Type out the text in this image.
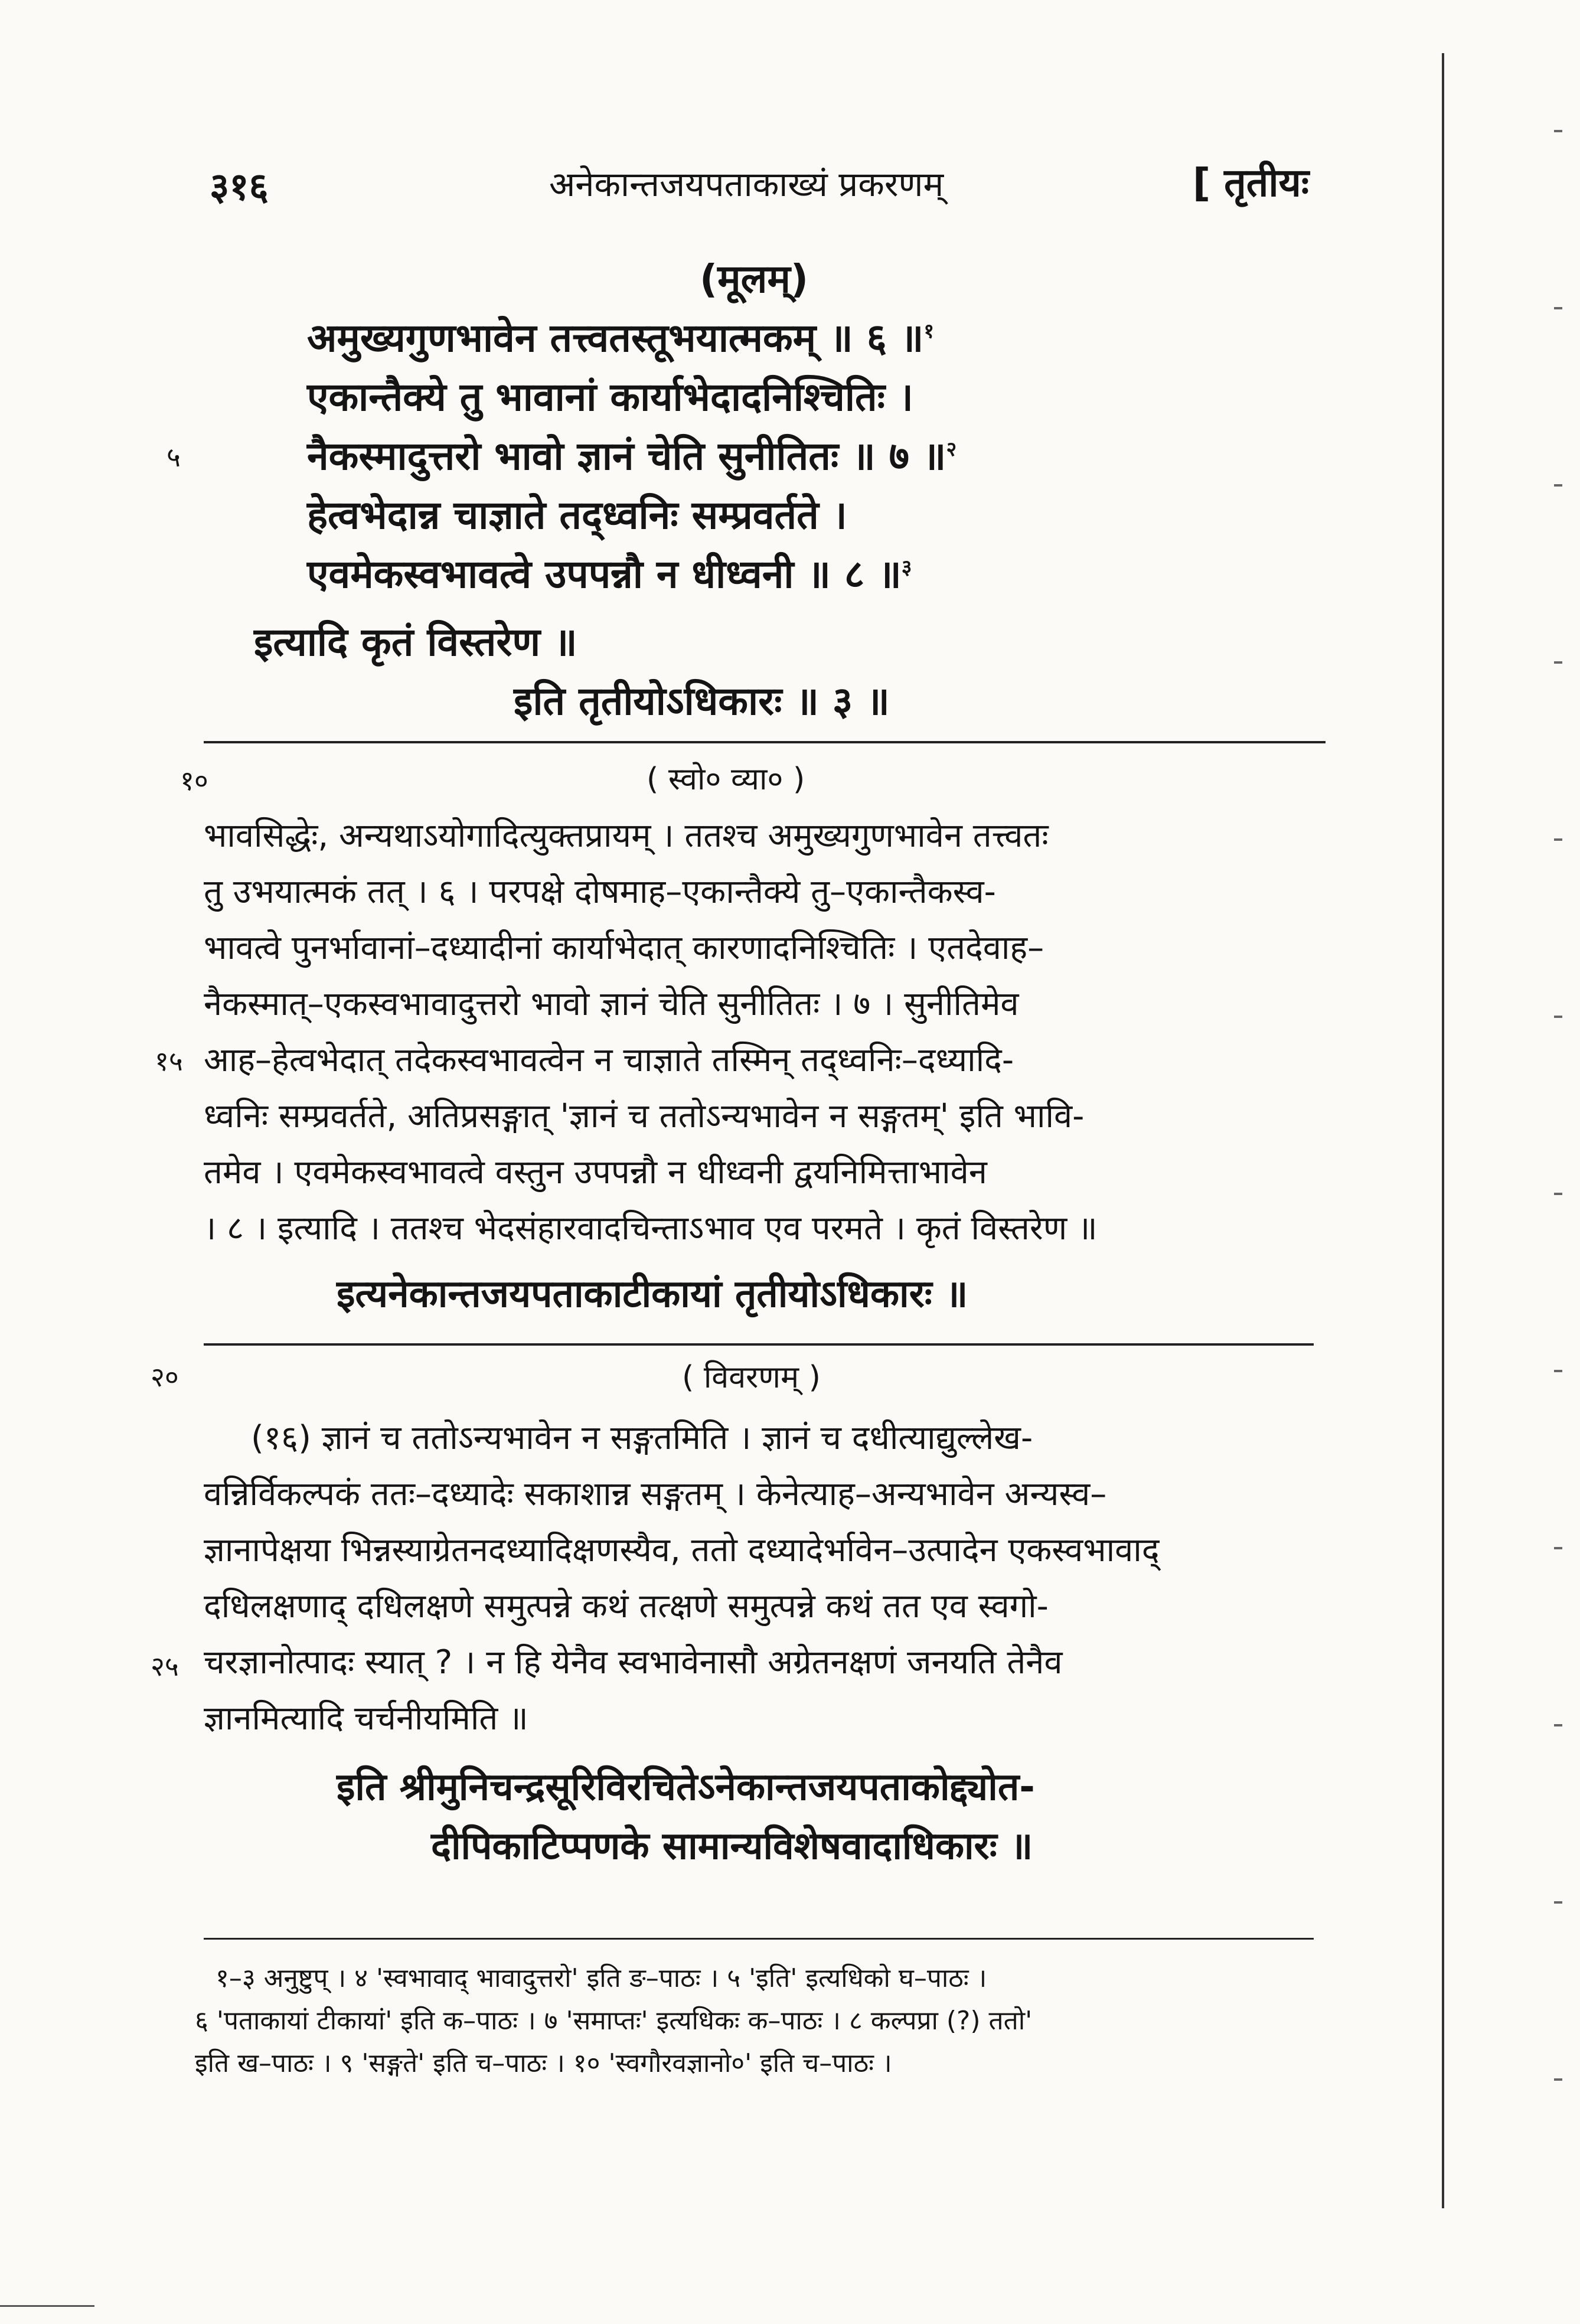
३१६	अनेकान्तजयपताकाख्यं प्रकरणम्	[ तृतीयः
(मूलम्)
अमुख्यगुणभावेन तत्त्वतस्तूभयात्मकम् ॥ ६ ॥$^१$
एकान्तैक्ये तु भावानां कार्याभेदादनिश्चितिः ।
५	नैकस्मादुत्तरो भावो ज्ञानं चेति सुनीतितः ॥ ७ ॥$^२$
हेत्वभेदान्न चाज्ञाते तद्ध्वनिः सम्प्रवर्तते ।
एवमेकस्वभावत्वे उपपन्नौ न धीध्वनी ॥ ८ ॥$^३$
इत्यादि कृतं विस्तरेण ॥
इति तृतीयोऽधिकारः ॥ ३ ॥
१०	( स्वो० व्या० )
भावसिद्धेः, अन्यथाऽयोगादित्युक्तप्रायम् । ततश्च अमुख्यगुणभावेन तत्त्वतः
तु उभयात्मकं तत् । ६ । परपक्षे दोषमाह–एकान्तैक्ये तु–एकान्तैकस्व-
भावत्वे पुनर्भावानां–दध्यादीनां कार्याभेदात् कारणादनिश्चितिः । एतदेवाह–
नैकस्मात्–एकस्वभावादुत्तरो भावो ज्ञानं चेति सुनीतितः । ७ । सुनीतिमेव
१५ आह–हेत्वभेदात् तदेकस्वभावत्वेन न चाज्ञाते तस्मिन् तद्ध्वनिः–दध्यादि-
ध्वनिः सम्प्रवर्तते, अतिप्रसङ्गात् 'ज्ञानं च ततोऽन्यभावेन न सङ्गतम्' इति भावि-
तमेव । एवमेकस्वभावत्वे वस्तुन उपपन्नौ न धीध्वनी द्वयनिमित्ताभावेन
। ८ । इत्यादि । ततश्च भेदसंहारवादचिन्ताऽभाव एव परमते । कृतं विस्तरेण ॥
इत्यनेकान्तजयपताकाटीकायां तृतीयोऽधिकारः ॥
२०	( विवरणम् )
(१६) ज्ञानं च ततोऽन्यभावेन न सङ्गतमिति । ज्ञानं च दधीत्याद्युल्लेख-
वन्निर्विकल्पकं ततः–दध्यादेः सकाशान्न सङ्गतम् । केनेत्याह–अन्यभावेन अन्यस्व–
ज्ञानापेक्षया भिन्नस्याग्रेतनदध्यादिक्षणस्यैव, ततो दध्यादेर्भावेन–उत्पादेन एकस्वभावाद्
दधिलक्षणाद् दधिलक्षणे समुत्पन्ने कथं तत्क्षणे समुत्पन्ने कथं तत एव स्वगो-
२५ चरज्ञानोत्पादः स्यात् ? । न हि येनैव स्वभावेनासौ अग्रेतनक्षणं जनयति तेनैव
ज्ञानमित्यादि चर्चनीयमिति ॥
इति श्रीमुनिचन्द्रसूरिविरचितेऽनेकान्तजयपताकोद्द्योत-
दीपिकाटिप्पणके सामान्यविशेषवादाधिकारः ॥
१–३ अनुष्टुप् । ४ 'स्वभावाद् भावादुत्तरो' इति ङ–पाठः । ५ 'इति' इत्यधिको घ–पाठः ।
६ 'पताकायां टीकायां' इति क–पाठः । ७ 'समाप्तः' इत्यधिकः क–पाठः । ८ कल्पप्रा (?) ततो'
इति ख–पाठः । ९ 'सङ्गते' इति च–पाठः । १० 'स्वगौरवज्ञानो०' इति च–पाठः ।
